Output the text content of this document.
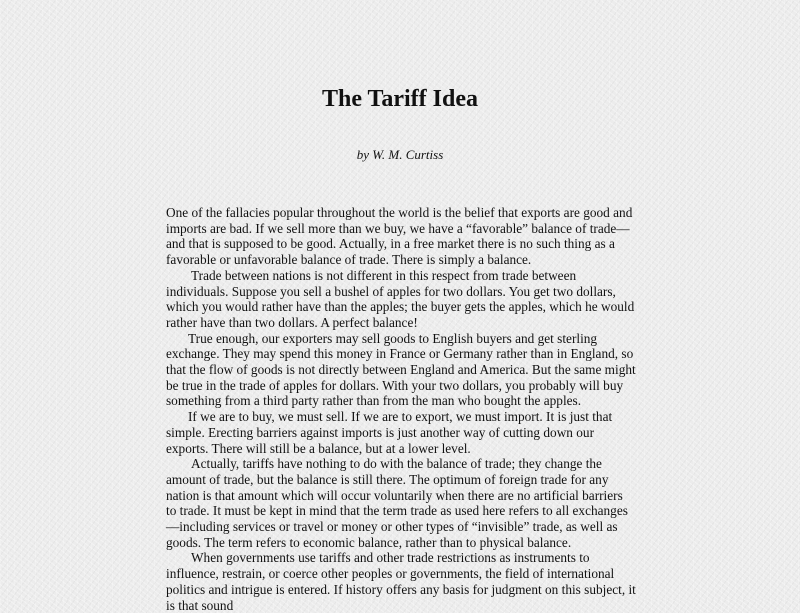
The Tariff Idea

by W. M. Curtiss

One of the fallacies popular throughout the world is the belief that exports are good and imports are bad. If we sell more than we buy, we have a “favorable” balance of trade—and that is supposed to be good. Actually, in a free market there is no such thing as a favorable or unfavorable balance of trade. There is simply a balance.

Trade between nations is not different in this respect from trade between individuals. Suppose you sell a bushel of apples for two dollars. You get two dollars, which you would rather have than the apples; the buyer gets the apples, which he would rather have than two dollars. A perfect balance!

True enough, our exporters may sell goods to English buyers and get sterling exchange. They may spend this money in France or Germany rather than in England, so that the flow of goods is not directly between England and America. But the same might be true in the trade of apples for dollars. With your two dollars, you probably will buy something from a third party rather than from the man who bought the apples.

If we are to buy, we must sell. If we are to export, we must import. It is just that simple. Erecting barriers against imports is just another way of cutting down our exports. There will still be a balance, but at a lower level.

Actually, tariffs have nothing to do with the balance of trade; they change the amount of trade, but the balance is still there. The optimum of foreign trade for any nation is that amount which will occur voluntarily when there are no artificial barriers to trade. It must be kept in mind that the term trade as used here refers to all exchanges—including services or travel or money or other types of “invisible” trade, as well as goods. The term refers to economic balance, rather than to physical balance.

When governments use tariffs and other trade restrictions as instruments to influence, restrain, or coerce other peoples or governments, the field of international politics and intrigue is entered. If history offers any basis for judgment on this subject, it is that sound
